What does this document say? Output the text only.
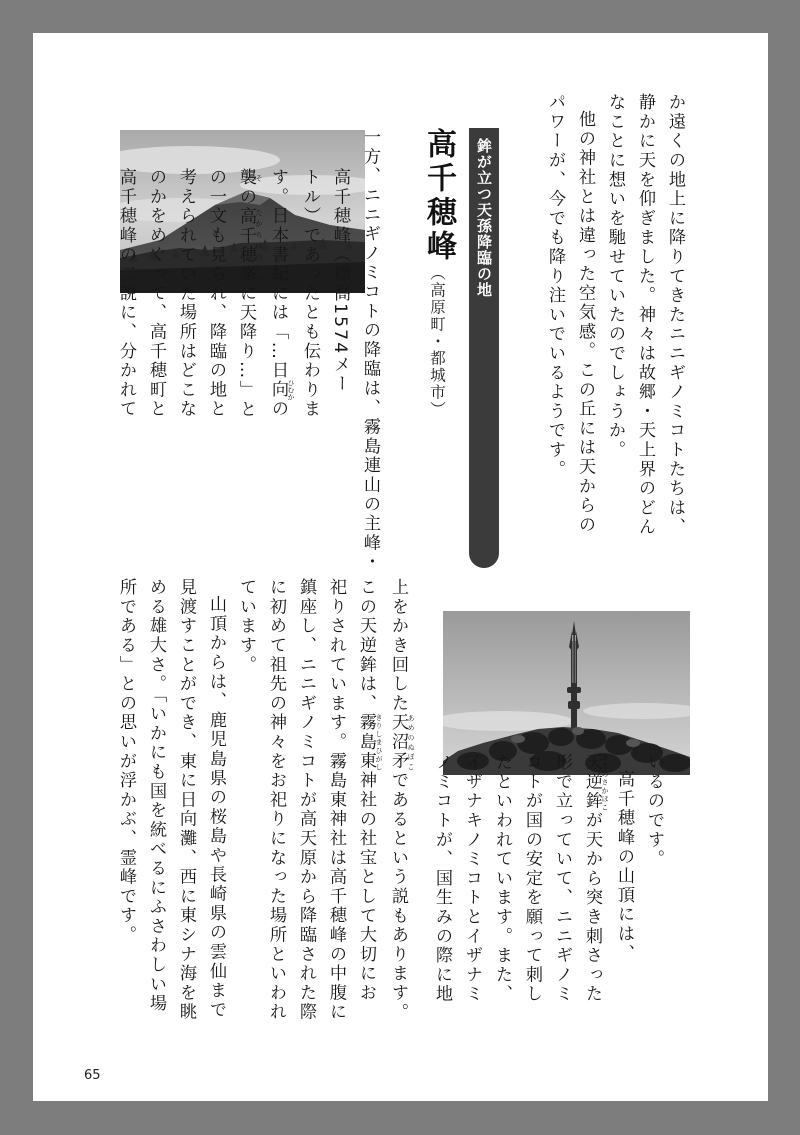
か遠くの地上に降りてきたニニギノミコトたちは、

静かに天を仰ぎました。神々は故郷・天上界のどん

なことに想いを馳せていたのでしょうか。

他の神社とは違った空気感。この丘には天からの

パワーが、今でも降り注いでいるようです。

鉾が立つ天孫降臨の地
高千穂峰
（高原町・都城市）

一方、ニニギノミコトの降臨は、霧島連山の主峰・

高千穂峰（標高1574メー

トル）であったとも伝わりま

す。日本書紀には「…日向 ひむかの

襲 その高千穂峯 たかちほのたけに天降り…」と

の一文も見られ、降臨の地と

考えられていた場所はどこな

のかをめぐって、高千穂町と

高千穂峰の二説に、分かれて

いるのです。

高千穂峰の山頂には、

天逆鉾 あまのさかほこが天から突き刺さった

形で立っていて、ニニギノミ

コトが国の安定を願って刺し

たといわれています。また、

イザナキノミコトとイザナミ

ノミコトが、国生みの際に地

上をかき回した天沼矛 あめのぬぼこであるという説もあります。

この天逆鉾は、霧島東 きりしまひがし神社の社宝として大切にお

祀りされています。霧島東神社は高千穂峰の中腹に

鎮座し、ニニギノミコトが高天原から降臨された際

に初めて祖先の神々をお祀りになった場所といわれ

ています。

山頂からは、鹿児島県の桜島や長崎県の雲仙まで

見渡すことができ、東に日向灘、西に東シナ海を眺

める雄大さ。「いかにも国を統べるにふさわしい場

所である」との思いが浮かぶ、霊峰です。

65
